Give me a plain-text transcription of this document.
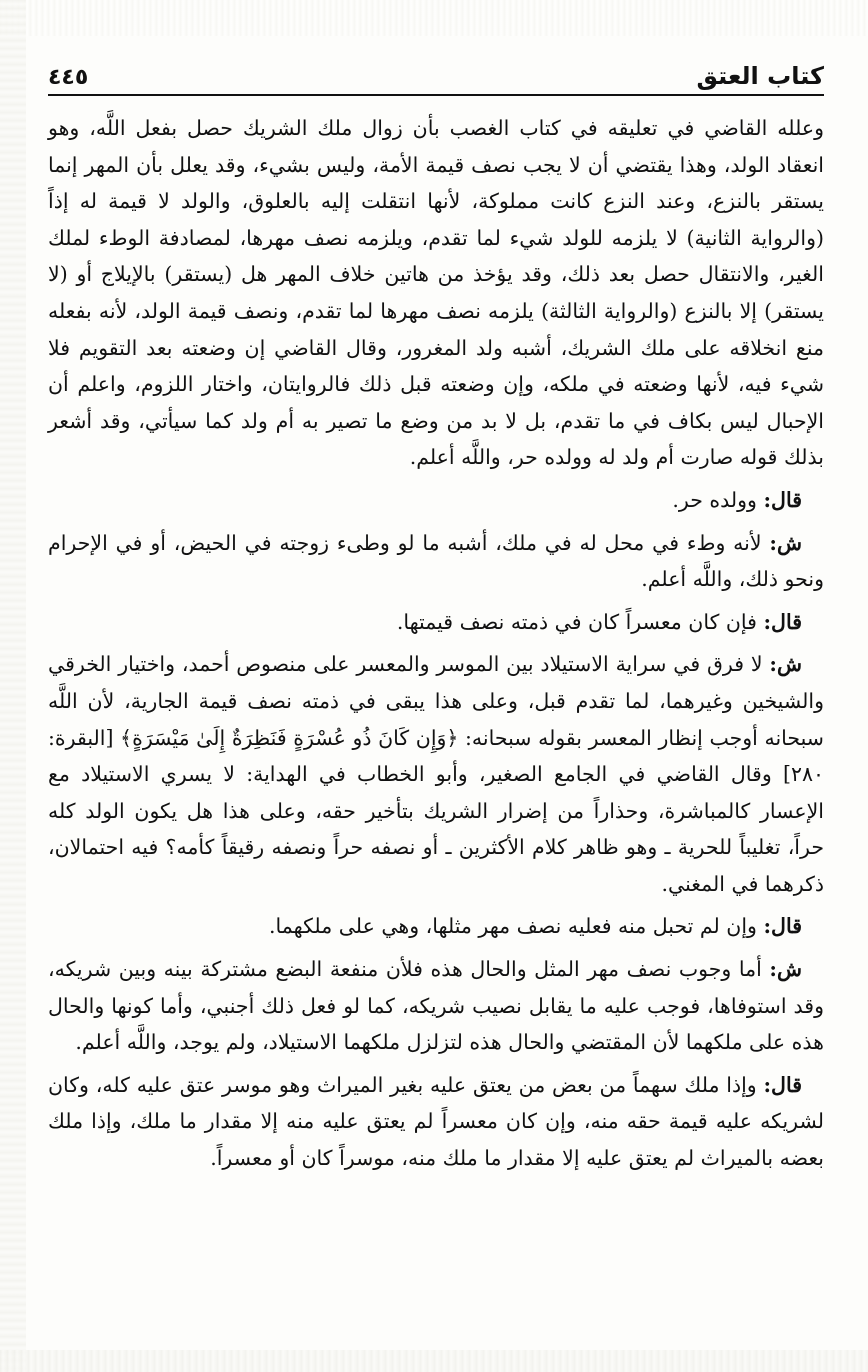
كتاب العتق
٤٤٥

وعلله القاضي في تعليقه في كتاب الغصب بأن زوال ملك الشريك حصل بفعل اللَّه، وهو انعقاد الولد، وهذا يقتضي أن لا يجب نصف قيمة الأمة، وليس بشيء، وقد يعلل بأن المهر إنما يستقر بالنزع، وعند النزع كانت مملوكة، لأنها انتقلت إليه بالعلوق، والولد لا قيمة له إذاً (والرواية الثانية) لا يلزمه للولد شيء لما تقدم، ويلزمه نصف مهرها، لمصادفة الوطء لملك الغير، والانتقال حصل بعد ذلك، وقد يؤخذ من هاتين خلاف المهر هل (يستقر) بالإيلاج أو (لا يستقر) إلا بالنزع (والرواية الثالثة) يلزمه نصف مهرها لما تقدم، ونصف قيمة الولد، لأنه بفعله منع انخلاقه على ملك الشريك، أشبه ولد المغرور، وقال القاضي إن وضعته بعد التقويم فلا شيء فيه، لأنها وضعته في ملكه، وإن وضعته قبل ذلك فالروايتان، واختار اللزوم، واعلم أن الإحبال ليس بكاف في ما تقدم، بل لا بد من وضع ما تصير به أم ولد كما سيأتي، وقد أشعر بذلك قوله صارت أم ولد له وولده حر، واللَّه أعلم.

قال: وولده حر.

ش: لأنه وطء في محل له في ملك، أشبه ما لو وطىء زوجته في الحيض، أو في الإحرام ونحو ذلك، واللَّه أعلم.

قال: فإن كان معسراً كان في ذمته نصف قيمتها.

ش: لا فرق في سراية الاستيلاد بين الموسر والمعسر على منصوص أحمد، واختيار الخرقي والشيخين وغيرهما، لما تقدم قبل، وعلى هذا يبقى في ذمته نصف قيمة الجارية، لأن اللَّه سبحانه أوجب إنظار المعسر بقوله سبحانه: ﴿وَإِن كَانَ ذُو عُسْرَةٍ فَنَظِرَةٌ إِلَىٰ مَيْسَرَةٍ﴾ [البقرة: ٢٨٠] وقال القاضي في الجامع الصغير، وأبو الخطاب في الهداية: لا يسري الاستيلاد مع الإعسار كالمباشرة، وحذاراً من إضرار الشريك بتأخير حقه، وعلى هذا هل يكون الولد كله حراً، تغليباً للحرية ـ وهو ظاهر كلام الأكثرين ـ أو نصفه حراً ونصفه رقيقاً كأمه؟ فيه احتمالان، ذكرهما في المغني.

قال: وإن لم تحبل منه فعليه نصف مهر مثلها، وهي على ملكهما.

ش: أما وجوب نصف مهر المثل والحال هذه فلأن منفعة البضع مشتركة بينه وبين شريكه، وقد استوفاها، فوجب عليه ما يقابل نصيب شريكه، كما لو فعل ذلك أجنبي، وأما كونها والحال هذه على ملكهما لأن المقتضي والحال هذه لتزلزل ملكهما الاستيلاد، ولم يوجد، واللَّه أعلم.

قال: وإذا ملك سهماً من بعض من يعتق عليه بغير الميراث وهو موسر عتق عليه كله، وكان لشريكه عليه قيمة حقه منه، وإن كان معسراً لم يعتق عليه منه إلا مقدار ما ملك، وإذا ملك بعضه بالميراث لم يعتق عليه إلا مقدار ما ملك منه، موسراً كان أو معسراً.
